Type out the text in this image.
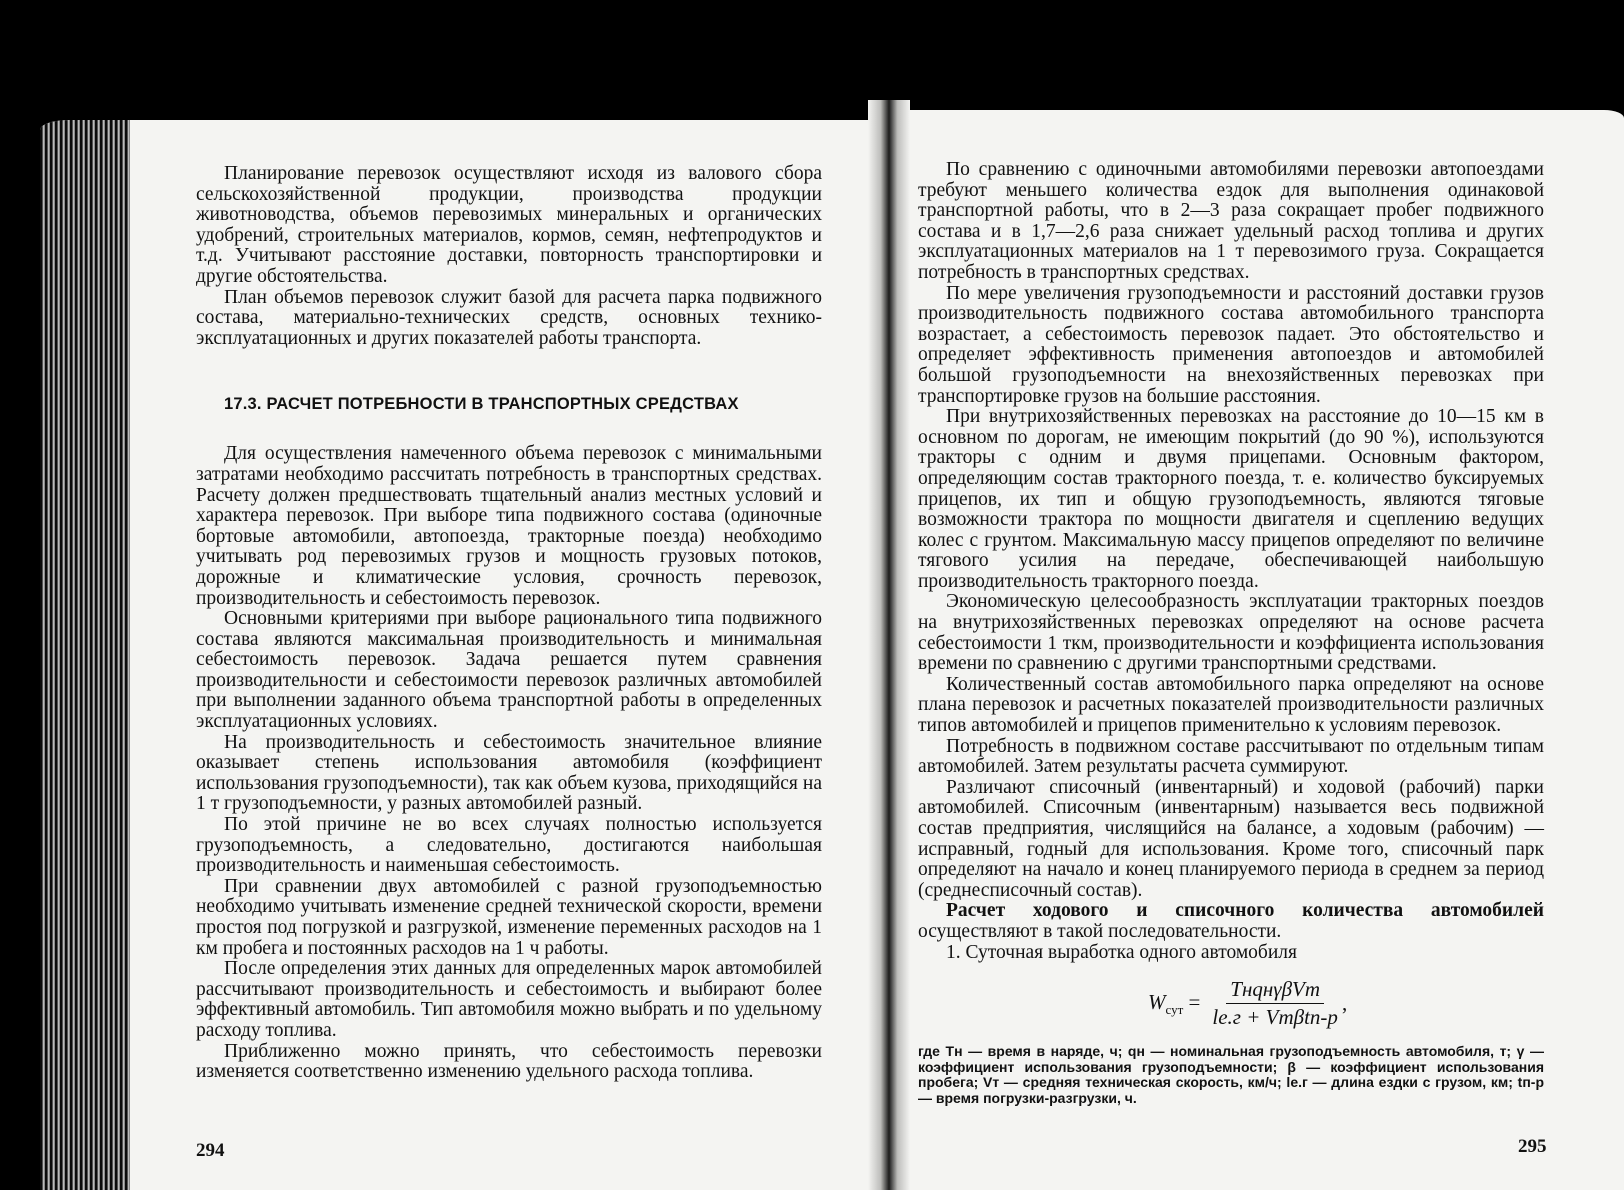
Планирование перевозок осуществляют исходя из валового сбора сельскохозяйственной продукции, производства продукции животноводства, объемов перевозимых минеральных и органических удобрений, строительных материалов, кормов, семян, нефтепродуктов и т.д. Учитывают расстояние доставки, повторность транспортировки и другие обстоятельства.

План объемов перевозок служит базой для расчета парка подвижного состава, материально-технических средств, основных технико-эксплуатационных и других показателей работы транспорта.

17.3. РАСЧЕТ ПОТРЕБНОСТИ В ТРАНСПОРТНЫХ СРЕДСТВАХ

Для осуществления намеченного объема перевозок с минимальными затратами необходимо рассчитать потребность в транспортных средствах. Расчету должен предшествовать тщательный анализ местных условий и характера перевозок. При выборе типа подвижного состава (одиночные бортовые автомобили, автопоезда, тракторные поезда) необходимо учитывать род перевозимых грузов и мощность грузовых потоков, дорожные и климатические условия, срочность перевозок, производительность и себестоимость перевозок.

Основными критериями при выборе рационального типа подвижного состава являются максимальная производительность и минимальная себестоимость перевозок. Задача решается путем сравнения производительности и себестоимости перевозок различных автомобилей при выполнении заданного объема транспортной работы в определенных эксплуатационных условиях.

На производительность и себестоимость значительное влияние оказывает степень использования автомобиля (коэффициент использования грузоподъемности), так как объем кузова, приходящийся на 1 т грузоподъемности, у разных автомобилей разный.

По этой причине не во всех случаях полностью используется грузоподъемность, а следовательно, достигаются наибольшая производительность и наименьшая себестоимость.

При сравнении двух автомобилей с разной грузоподъемностью необходимо учитывать изменение средней технической скорости, времени простоя под погрузкой и разгрузкой, изменение переменных расходов на 1 км пробега и постоянных расходов на 1 ч работы.

После определения этих данных для определенных марок автомобилей рассчитывают производительность и себестоимость и выбирают более эффективный автомобиль. Тип автомобиля можно выбрать и по удельному расходу топлива.

Приближенно можно принять, что себестоимость перевозки изменяется соответственно изменению удельного расхода топлива.

294

По сравнению с одиночными автомобилями перевозки автопоездами требуют меньшего количества ездок для выполнения одинаковой транспортной работы, что в 2—3 раза сокращает пробег подвижного состава и в 1,7—2,6 раза снижает удельный расход топлива и других эксплуатационных материалов на 1 т перевозимого груза. Сокращается потребность в транспортных средствах.

По мере увеличения грузоподъемности и расстояний доставки грузов производительность подвижного состава автомобильного транспорта возрастает, а себестоимость перевозок падает. Это обстоятельство и определяет эффективность применения автопоездов и автомобилей большой грузоподъемности на внехозяйственных перевозках при транспортировке грузов на большие расстояния.

При внутрихозяйственных перевозках на расстояние до 10—15 км в основном по дорогам, не имеющим покрытий (до 90 %), используются тракторы с одним и двумя прицепами. Основным фактором, определяющим состав тракторного поезда, т. е. количество буксируемых прицепов, их тип и общую грузоподъемность, являются тяговые возможности трактора по мощности двигателя и сцеплению ведущих колес с грунтом. Максимальную массу прицепов определяют по величине тягового усилия на передаче, обеспечивающей наибольшую производительность тракторного поезда.

Экономическую целесообразность эксплуатации тракторных поездов на внутрихозяйственных перевозках определяют на основе расчета себестоимости 1 ткм, производительности и коэффициента использования времени по сравнению с другими транспортными средствами.

Количественный состав автомобильного парка определяют на основе плана перевозок и расчетных показателей производительности различных типов автомобилей и прицепов применительно к условиям перевозок.

Потребность в подвижном составе рассчитывают по отдельным типам автомобилей. Затем результаты расчета суммируют.

Различают списочный (инвентарный) и ходовой (рабочий) парки автомобилей. Списочным (инвентарным) называется весь подвижной состав предприятия, числящийся на балансе, а ходовым (рабочим) — исправный, годный для использования. Кроме того, списочный парк определяют на начало и конец планируемого периода в среднем за период (среднесписочный состав).

Расчет ходового и списочного количества автомобилей осуществляют в такой последовательности.

1. Суточная выработка одного автомобиля

$W_{сут} = \frac{\text{TнqнγβVт}}{\text{lе.г + Vтβtп-р}}$ ,

где Tн — время в наряде, ч; qн — номинальная грузоподъемность автомобиля, т; γ — коэффициент использования грузоподъемности; β — коэффициент использования пробега; Vт — средняя техническая скорость, км/ч; lе.г — длина ездки с грузом, км; tп-р — время погрузки-разгрузки, ч.

295
